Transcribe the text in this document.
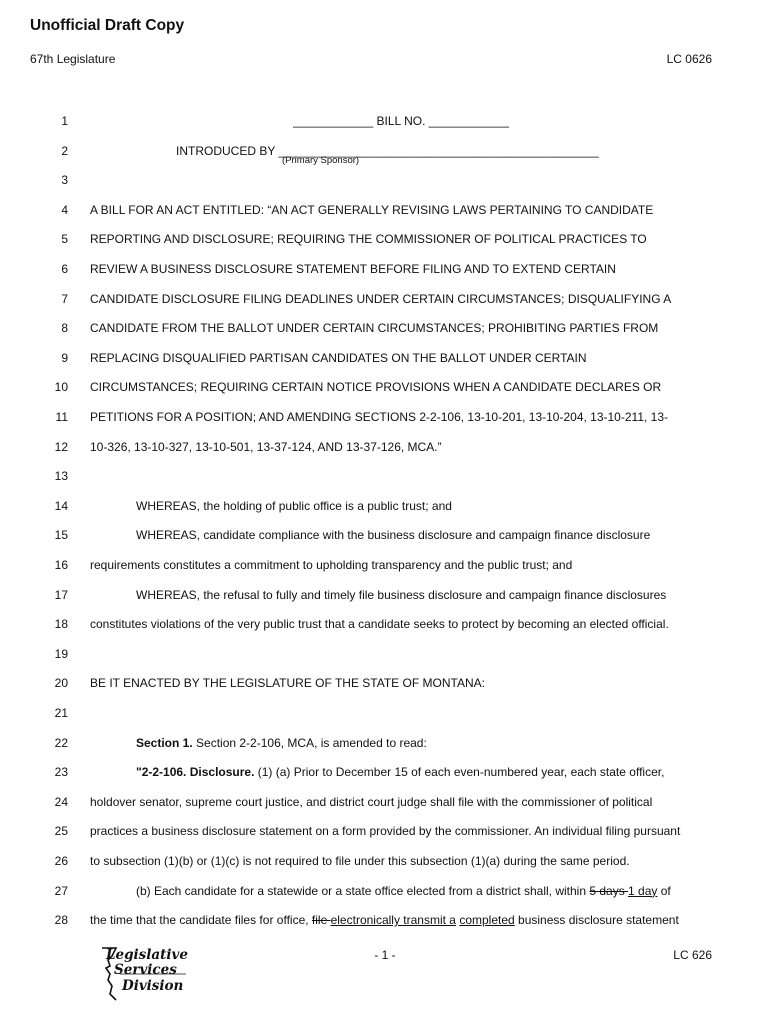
Unofficial Draft Copy
67th Legislature	LC 0626
1	____________ BILL NO. ____________
2	INTRODUCED BY ________________________________________________
3
4 A BILL FOR AN ACT ENTITLED: “AN ACT GENERALLY REVISING LAWS PERTAINING TO CANDIDATE
5 REPORTING AND DISCLOSURE; REQUIRING THE COMMISSIONER OF POLITICAL PRACTICES TO
6 REVIEW A BUSINESS DISCLOSURE STATEMENT BEFORE FILING AND TO EXTEND CERTAIN
7 CANDIDATE DISCLOSURE FILING DEADLINES UNDER CERTAIN CIRCUMSTANCES; DISQUALIFYING A
8 CANDIDATE FROM THE BALLOT UNDER CERTAIN CIRCUMSTANCES; PROHIBITING PARTIES FROM
9 REPLACING DISQUALIFIED PARTISAN CANDIDATES ON THE BALLOT UNDER CERTAIN
10 CIRCUMSTANCES; REQUIRING CERTAIN NOTICE PROVISIONS WHEN A CANDIDATE DECLARES OR
11 PETITIONS FOR A POSITION; AND AMENDING SECTIONS 2-2-106, 13-10-201, 13-10-204, 13-10-211, 13-
12 10-326, 13-10-327, 13-10-501, 13-37-124, AND 13-37-126, MCA.”
13
14	WHEREAS, the holding of public office is a public trust; and
15	WHEREAS, candidate compliance with the business disclosure and campaign finance disclosure
16 requirements constitutes a commitment to upholding transparency and the public trust; and
17	WHEREAS, the refusal to fully and timely file business disclosure and campaign finance disclosures
18 constitutes violations of the very public trust that a candidate seeks to protect by becoming an elected official.
19
20 BE IT ENACTED BY THE LEGISLATURE OF THE STATE OF MONTANA:
21
22	Section 1. Section 2-2-106, MCA, is amended to read:
23	"2-2-106. Disclosure. (1) (a) Prior to December 15 of each even-numbered year, each state officer,
24 holdover senator, supreme court justice, and district court judge shall file with the commissioner of political
25 practices a business disclosure statement on a form provided by the commissioner. An individual filing pursuant
26 to subsection (1)(b) or (1)(c) is not required to file under this subsection (1)(a) during the same period.
27	(b) Each candidate for a statewide or a state office elected from a district shall, within 5 days 1 day of
28 the time that the candidate files for office, file electronically transmit a completed business disclosure statement
(Primary Sponsor)
- 1 -	LC 626
Legislative
Services
Division
